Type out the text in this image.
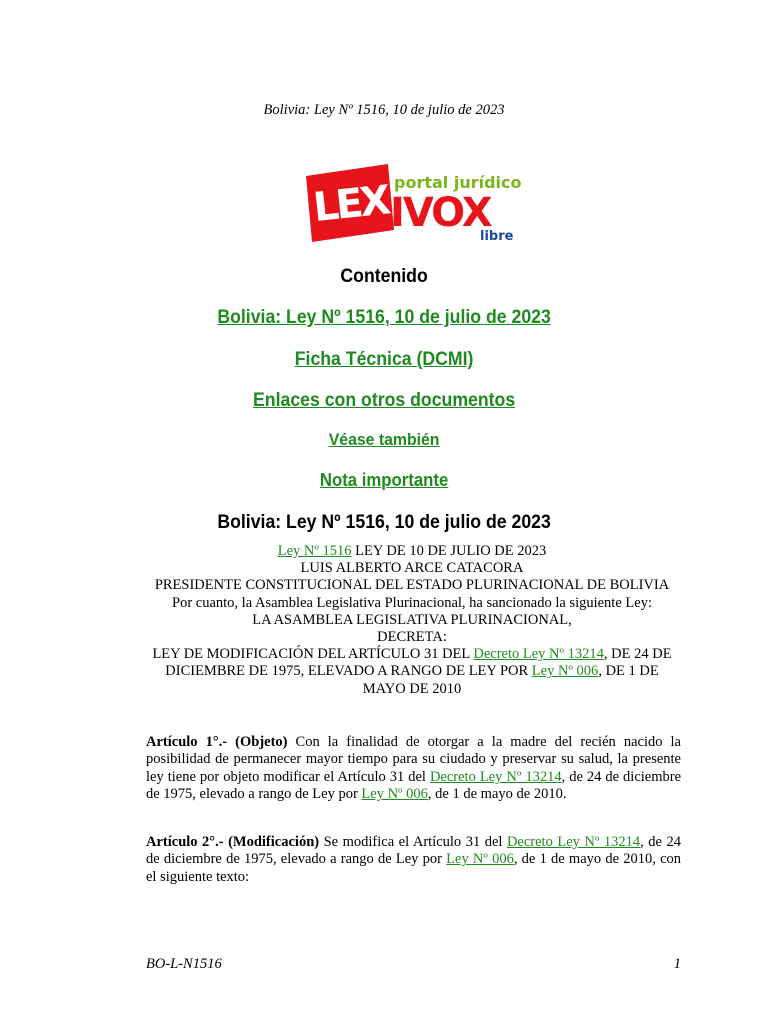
Bolivia: Ley Nº 1516, 10 de julio de 2023
LEX portal jurídico
IVOX
libre
Contenido
Bolivia: Ley Nº 1516, 10 de julio de 2023
Ficha Técnica (DCMI)
Enlaces con otros documentos
Véase también
Nota importante
Bolivia: Ley Nº 1516, 10 de julio de 2023
Ley Nº 1516 LEY DE 10 DE JULIO DE 2023
LUIS ALBERTO ARCE CATACORA
PRESIDENTE CONSTITUCIONAL DEL ESTADO PLURINACIONAL DE BOLIVIA
Por cuanto, la Asamblea Legislativa Plurinacional, ha sancionado la siguiente Ley:
LA ASAMBLEA LEGISLATIVA PLURINACIONAL,
DECRETA:
LEY DE MODIFICACIÓN DEL ARTÍCULO 31 DEL Decreto Ley Nº 13214, DE 24 DE DICIEMBRE DE 1975, ELEVADO A RANGO DE LEY POR Ley Nº 006, DE 1 DE MAYO DE 2010
Artículo 1°.- (Objeto) Con la finalidad de otorgar a la madre del recién nacido la posibilidad de permanecer mayor tiempo para su ciudado y preservar su salud, la presente ley tiene por objeto modificar el Artículo 31 del Decreto Ley Nº 13214, de 24 de diciembre de 1975, elevado a rango de Ley por Ley Nº 006, de 1 de mayo de 2010.
Artículo 2°.- (Modificación) Se modifica el Artículo 31 del Decreto Ley Nº 13214, de 24 de diciembre de 1975, elevado a rango de Ley por Ley Nº 006, de 1 de mayo de 2010, con el siguiente texto:
BO-L-N1516	1
